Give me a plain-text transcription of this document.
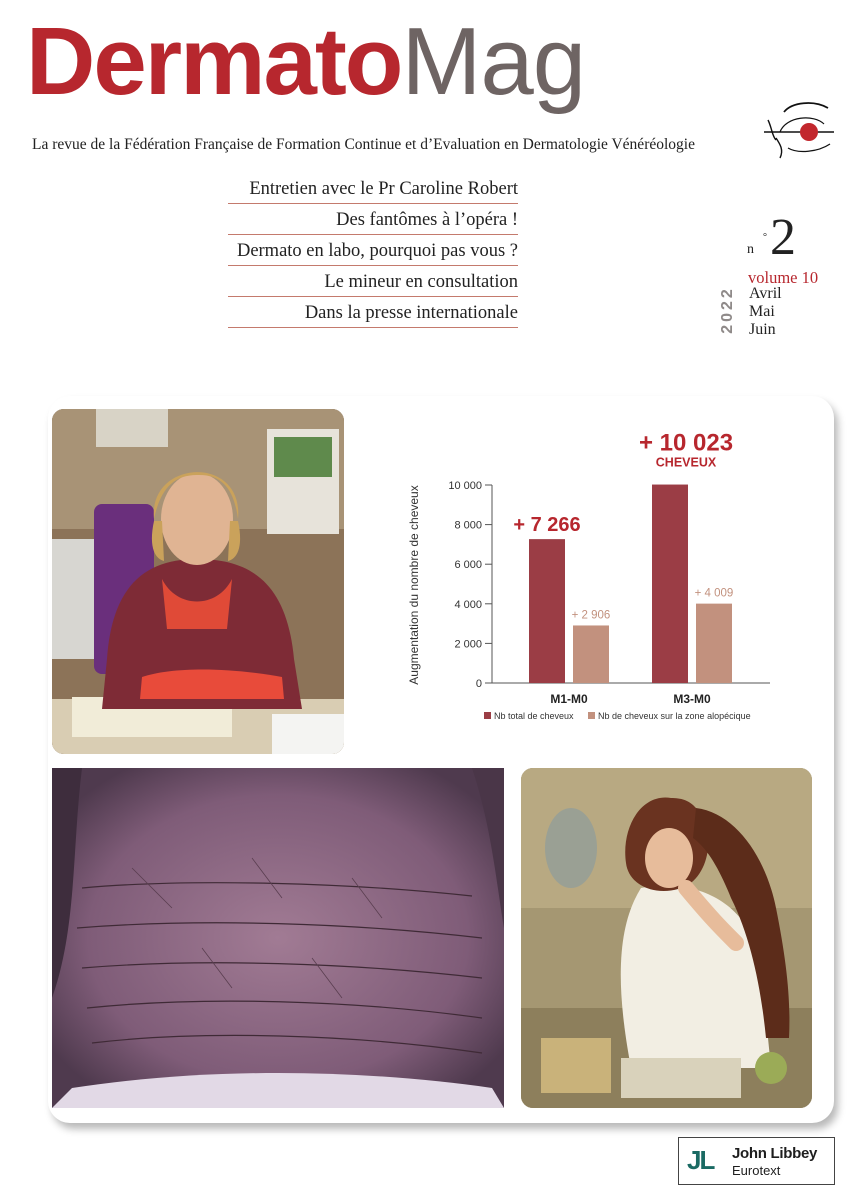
DermatoMag
La revue de la Fédération Française de Formation Continue et d’Evaluation en Dermatologie Vénéréologie
Entretien avec le Pr Caroline Robert
Des fantômes à l’opéra !
Dermato en labo, pourquoi pas vous ?
Le mineur en consultation
Dans la presse internationale
n
° 2
volume 10
2022 Avril
Mai
Juin
Augmentation du nombre de cheveux	0
2 000
4 000
6 000
8 000
10 000
+ 7 266
+ 2 906
+ 10 023
+ 4 009
M1-M0	M3-M0
CHEVEUX
Nb total de cheveux	Nb de cheveux sur la zone alopécique
JL John Libbey
Eurotext
